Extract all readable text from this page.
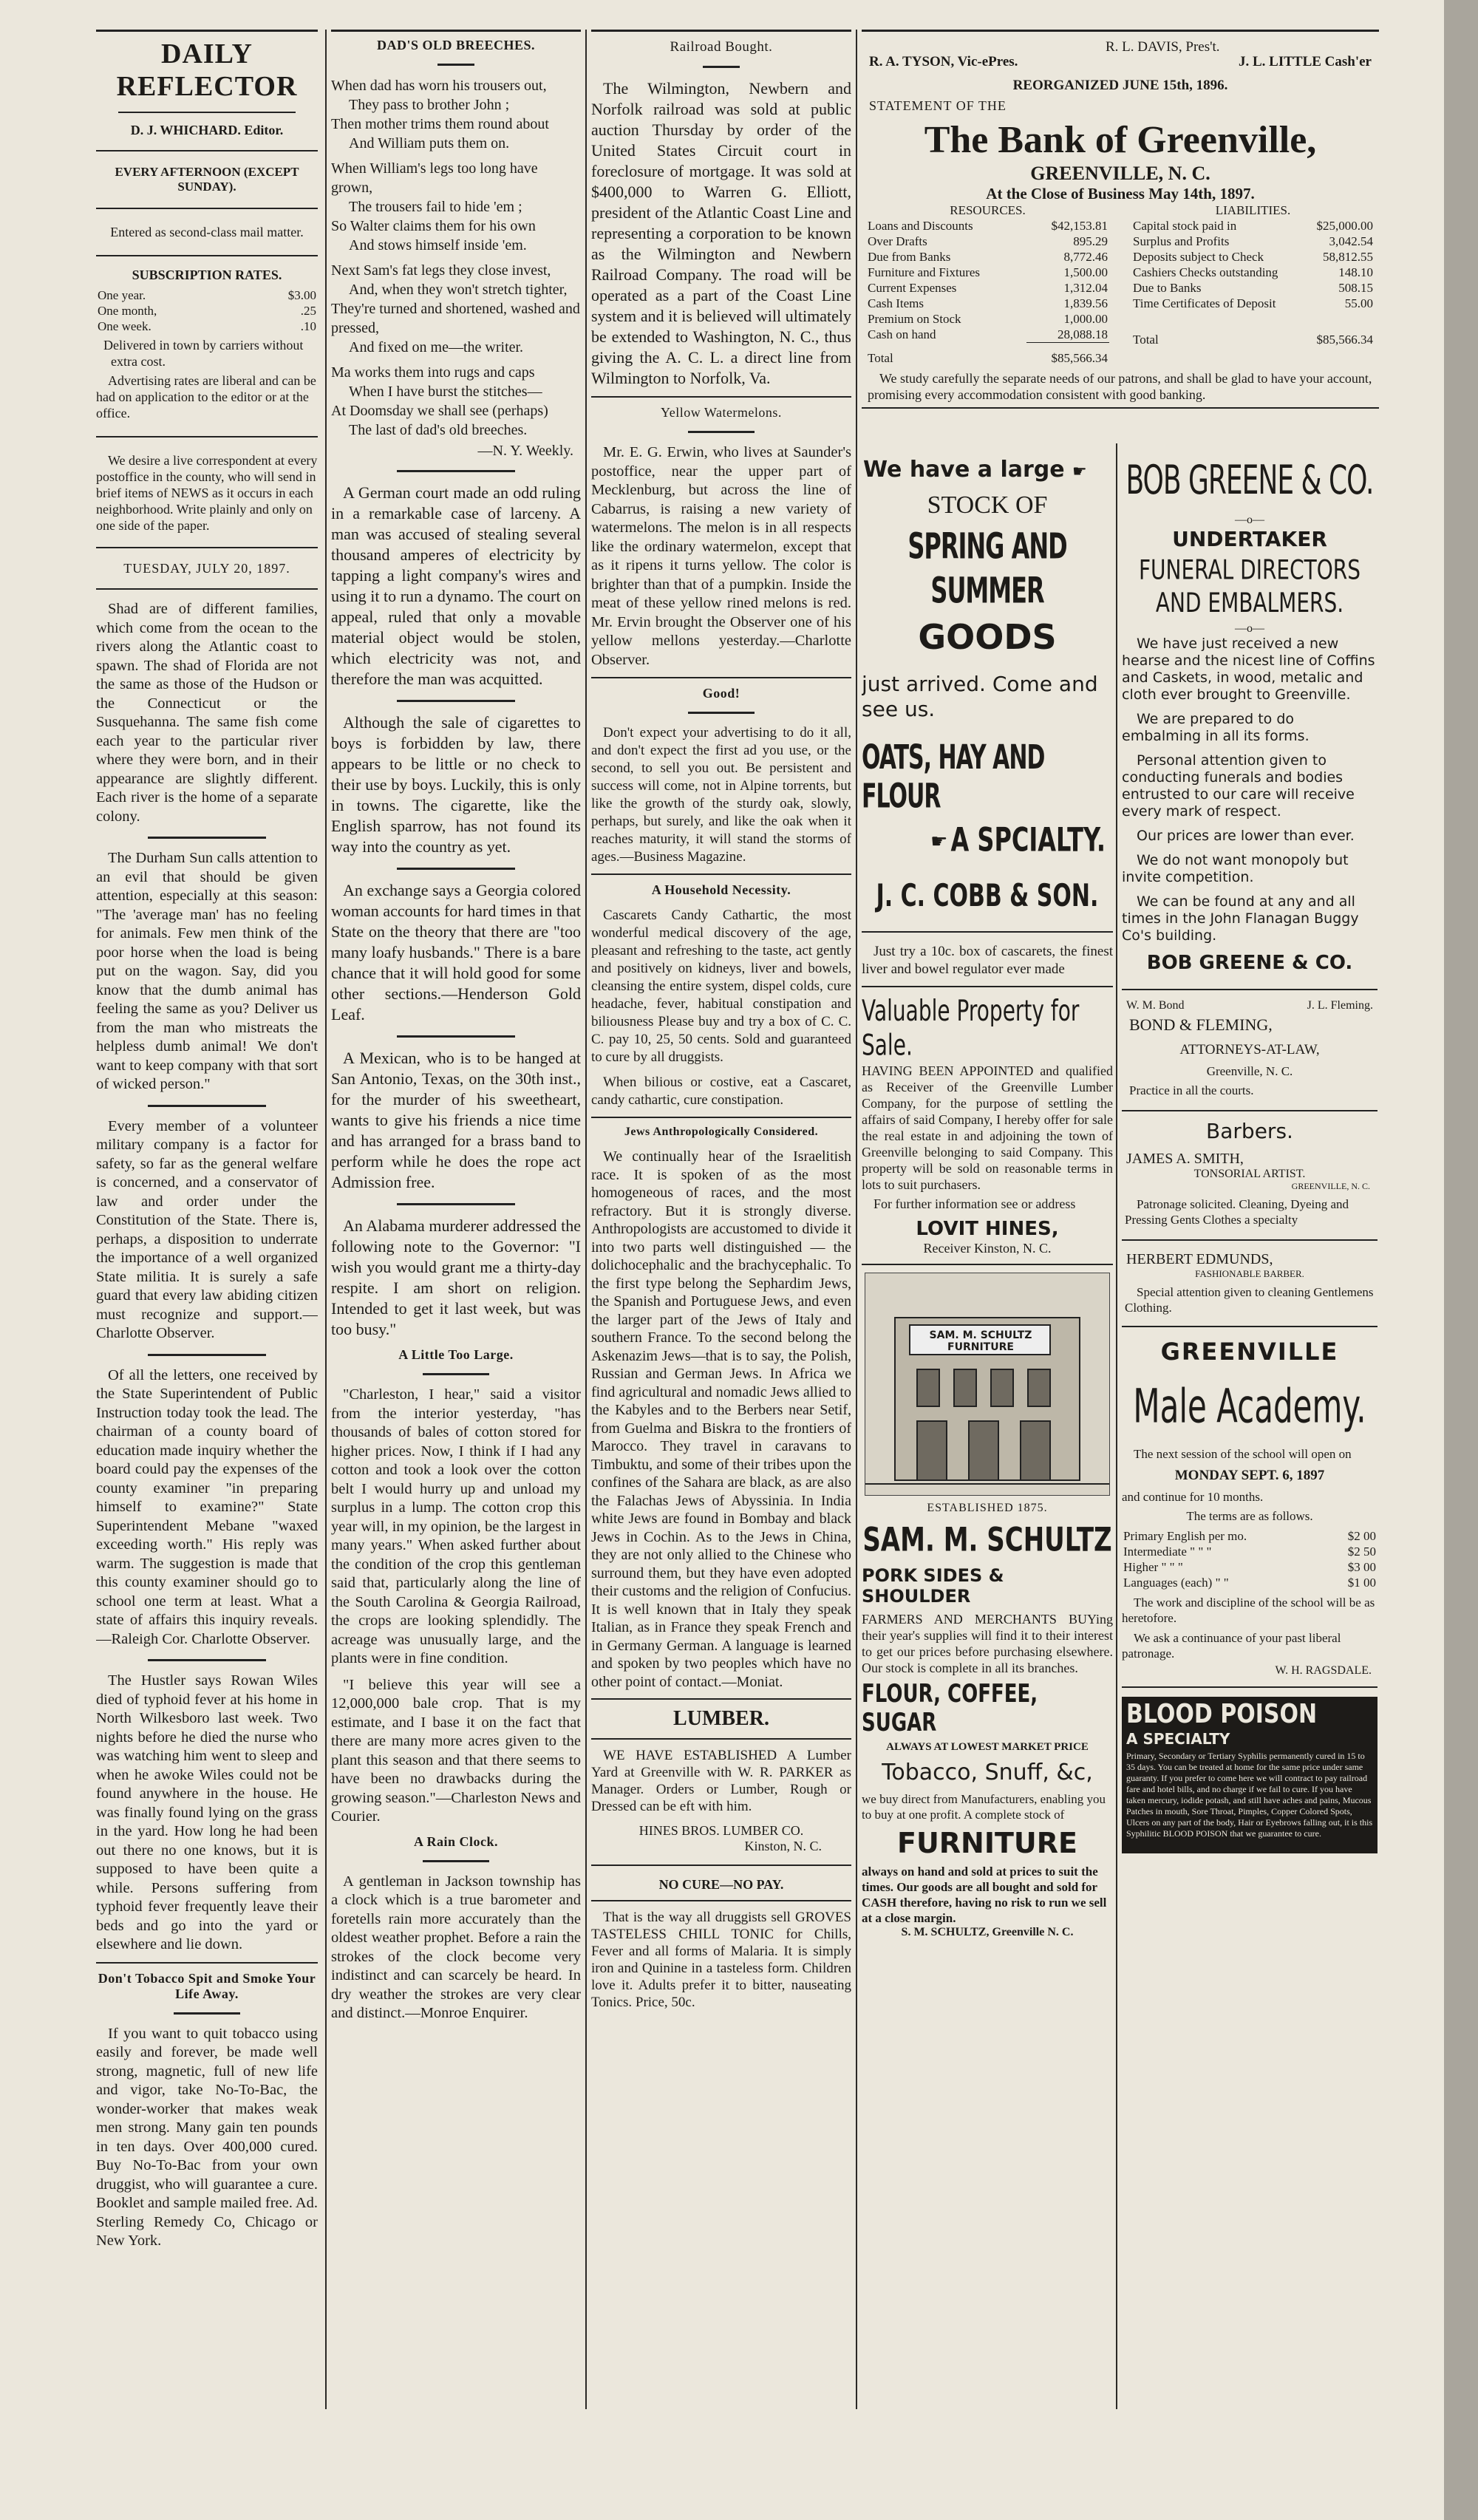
DAILY REFLECTOR
D. J. WHICHARD. Editor.
EVERY AFTERNOON (EXCEPT SUNDAY).
Entered as second-class mail matter.
SUBSCRIPTION RATES.
One year.	$3.00
One month,	.25
One week.	.10
Delivered in town by carriers without extra cost.
Advertising rates are liberal and can be had on application to the editor or at the office.
We desire a live correspondent at every postoffice in the county, who will send in brief items of NEWS as it occurs in each neighborhood. Write plainly and only on one side of the paper.
TUESDAY, JULY 20, 1897.

Shad are of different families, which come from the ocean to the rivers along the Atlantic coast to spawn. The shad of Florida are not the same as those of the Hudson or the Connecticut or the Susquehanna. The same fish come each year to the particular river where they were born, and in their appearance are slightly different. Each river is the home of a separate colony.

The Durham Sun calls attention to an evil that should be given attention, especially at this season: "The 'average man' has no feeling for animals. Few men think of the poor horse when the load is being put on the wagon. Say, did you know that the dumb animal has feeling the same as you? Deliver us from the man who mistreats the helpless dumb animal! We don't want to keep company with that sort of wicked person."

Every member of a volunteer military company is a factor for safety, so far as the general welfare is concerned, and a conservator of law and order under the Constitution of the State. There is, perhaps, a disposition to underrate the importance of a well organized State militia. It is surely a safe guard that every law abiding citizen must recognize and support.—Charlotte Observer.

Of all the letters, one received by the State Superintendent of Public Instruction today took the lead. The chairman of a county board of education made inquiry whether the board could pay the expenses of the county examiner "in preparing himself to examine?" State Superintendent Mebane "waxed exceeding worth." His reply was warm. The suggestion is made that this county examiner should go to school one term at least. What a state of affairs this inquiry reveals.—Raleigh Cor. Charlotte Observer.

The Hustler says Rowan Wiles died of typhoid fever at his home in North Wilkesboro last week. Two nights before he died the nurse who was watching him went to sleep and when he awoke Wiles could not be found anywhere in the house. He was finally found lying on the grass in the yard. How long he had been out there no one knows, but it is supposed to have been quite a while. Persons suffering from typhoid fever frequently leave their beds and go into the yard or elsewhere and lie down.

Don't Tobacco Spit and Smoke Your Life Away.

If you want to quit tobacco using easily and forever, be made well strong, magnetic, full of new life and vigor, take No-To-Bac, the wonder-worker that makes weak men strong. Many gain ten pounds in ten days. Over 400,000 cured. Buy No-To-Bac from your own druggist, who will guarantee a cure. Booklet and sample mailed free. Ad. Sterling Remedy Co, Chicago or New York.

DAD'S OLD BREECHES.
When dad has worn his trousers out,
They pass to brother John ;
Then mother trims them round about
And William puts them on.
When William's legs too long have grown,
The trousers fail to hide 'em ;
So Walter claims them for his own
And stows himself inside 'em.
Next Sam's fat legs they close invest,
And, when they won't stretch tighter,
They're turned and shortened, washed and pressed,
And fixed on me—the writer.
Ma works them into rugs and caps
When I have burst the stitches—
At Doomsday we shall see (perhaps)
The last of dad's old breeches.
—N. Y. Weekly.

A German court made an odd ruling in a remarkable case of larceny. A man was accused of stealing several thousand amperes of electricity by tapping a light company's wires and using it to run a dynamo. The court on appeal, ruled that only a movable material object would be stolen, which electricity was not, and therefore the man was acquitted.

Although the sale of cigarettes to boys is forbidden by law, there appears to be little or no check to their use by boys. Luckily, this is only in towns. The cigarette, like the English sparrow, has not found its way into the country as yet.

An exchange says a Georgia colored woman accounts for hard times in that State on the theory that there are "too many loafy husbands." There is a bare chance that it will hold good for some other sections.—Henderson Gold Leaf.

A Mexican, who is to be hanged at San Antonio, Texas, on the 30th inst., for the murder of his sweetheart, wants to give his friends a nice time and has arranged for a brass band to perform while he does the rope act Admission free.

An Alabama murderer addressed the following note to the Governor: "I wish you would grant me a thirty-day respite. I am short on religion. Intended to get it last week, but was too busy."

A Little Too Large.

"Charleston, I hear," said a visitor from the interior yesterday, "has thousands of bales of cotton stored for higher prices. Now, I think if I had any cotton and took a look over the cotton belt I would hurry up and unload my surplus in a lump. The cotton crop this year will, in my opinion, be the largest in many years." When asked further about the condition of the crop this gentleman said that, particularly along the line of the South Carolina & Georgia Railroad, the crops are looking splendidly. The acreage was unusually large, and the plants were in fine condition.

"I believe this year will see a 12,000,000 bale crop. That is my estimate, and I base it on the fact that there are many more acres given to the plant this season and that there seems to have been no drawbacks during the growing season."—Charleston News and Courier.

A Rain Clock.

A gentleman in Jackson township has a clock which is a true barometer and foretells rain more accurately than the oldest weather prophet. Before a rain the strokes of the clock become very indistinct and can scarcely be heard. In dry weather the strokes are very clear and distinct.—Monroe Enquirer.

Railroad Bought.

The Wilmington, Newbern and Norfolk railroad was sold at public auction Thursday by order of the United States Circuit court in foreclosure of mortgage. It was sold at $400,000 to Warren G. Elliott, president of the Atlantic Coast Line and representing a corporation to be known as the Wilmington and Newbern Railroad Company. The road will be operated as a part of the Coast Line system and it is believed will ultimately be extended to Washington, N. C., thus giving the A. C. L. a direct line from Wilmington to Norfolk, Va.

Yellow Watermelons.

Mr. E. G. Erwin, who lives at Saunder's postoffice, near the upper part of Mecklenburg, but across the line of Cabarrus, is raising a new variety of watermelons. The melon is in all respects like the ordinary watermelon, except that as it ripens it turns yellow. The color is brighter than that of a pumpkin. Inside the meat of these yellow rined melons is red. Mr. Ervin brought the Observer one of his yellow mellons yesterday.—Charlotte Observer.

Good!

Don't expect your advertising to do it all, and don't expect the first ad you use, or the second, to sell you out. Be persistent and success will come, not in Alpine torrents, but like the growth of the sturdy oak, slowly, perhaps, but surely, and like the oak when it reaches maturity, it will stand the storms of ages.—Business Magazine.

A Household Necessity.

Cascarets Candy Cathartic, the most wonderful medical discovery of the age, pleasant and refreshing to the taste, act gently and positively on kidneys, liver and bowels, cleansing the entire system, dispel colds, cure headache, fever, habitual constipation and biliousness Please buy and try a box of C. C. C. pay 10, 25, 50 cents. Sold and guaranteed to cure by all druggists.

When bilious or costive, eat a Cascaret, candy cathartic, cure constipation.

Jews Anthropologically Considered.

We continually hear of the Israelitish race. It is spoken of as the most homogeneous of races, and the most refractory. But it is strongly diverse. Anthropologists are accustomed to divide it into two parts well distinguished — the dolichocephalic and the brachycephalic. To the first type belong the Sephardim Jews, the Spanish and Portuguese Jews, and even the larger part of the Jews of Italy and southern France. To the second belong the Askenazim Jews—that is to say, the Polish, Russian and German Jews. In Africa we find agricultural and nomadic Jews allied to the Kabyles and to the Berbers near Setif, from Guelma and Biskra to the frontiers of Marocco. They travel in caravans to Timbuktu, and some of their tribes upon the confines of the Sahara are black, as are also the Falachas Jews of Abyssinia. In India white Jews are found in Bombay and black Jews in Cochin. As to the Jews in China, they are not only allied to the Chinese who surround them, but they have even adopted their customs and the religion of Confucius. It is well known that in Italy they speak Italian, as in France they speak French and in Germany German. A language is learned and spoken by two peoples which have no other point of contact.—Moniat.

LUMBER.

WE HAVE ESTABLISHED A Lumber Yard at Greenville with W. R. PARKER as Manager. Orders or Lumber, Rough or Dressed can be eft with him.

HINES BROS. LUMBER CO.
Kinston, N. C.
NO CURE—NO PAY.

That is the way all druggists sell GROVES TASTELESS CHILL TONIC for Chills, Fever and all forms of Malaria. It is simply iron and Quinine in a tasteless form. Children love it. Adults prefer it to bitter, nauseating Tonics. Price, 50c.

R. L. DAVIS, Pres't.
R. A. TYSON, Vic-ePres.	J. L. LITTLE Cash'er
REORGANIZED JUNE 15th, 1896.
STATEMENT OF THE
The Bank of Greenville,
GREENVILLE, N. C.
At the Close of Business May 14th, 1897.
RESOURCES.
Loans and Discounts	$42,153.81
Over Drafts	895.29
Due from Banks	8,772.46
Furniture and Fixtures	1,500.00
Current Expenses	1,312.04
Cash Items	1,839.56
Premium on Stock	1,000.00
Cash on hand	28,088.18
Total	$85,566.34
LIABILITIES.
Capital stock paid in	$25,000.00
Surplus and Profits	3,042.54
Deposits subject to Check	58,812.55
Cashiers Checks outstanding	148.10
Due to Banks	508.15
Time Certificates of Deposit	55.00
Total	$85,566.34
We study carefully the separate needs of our patrons, and shall be glad to have your account, promising every accommodation consistent with good banking.
We have a large ☛
STOCK OF
SPRING AND SUMMER
GOODS
just arrived. Come and see us.
OATS, HAY AND FLOUR
☛ A SPCIALTY.
J. C. COBB & SON.

Just try a 10c. box of cascarets, the finest liver and bowel regulator ever made

Valuable Property for Sale.
HAVING BEEN APPOINTED and qualified as Receiver of the Greenville Lumber Company, for the purpose of settling the affairs of said Company, I hereby offer for sale the real estate in and adjoining the town of Greenville belonging to said Company. This property will be sold on reasonable terms in lots to suit purchasers.
For further information see or address
LOVIT HINES,
Receiver Kinston, N. C.
SAM. M. SCHULTZ FURNITURE
ESTABLISHED 1875.
SAM. M. SCHULTZ
PORK SIDES & SHOULDER
FARMERS AND MERCHANTS BUYing their year's supplies will find it to their interest to get our prices before purchasing elsewhere. Our stock is complete in all its branches.
FLOUR, COFFEE, SUGAR
ALWAYS AT LOWEST MARKET PRICE
Tobacco, Snuff, &c,
we buy direct from Manufacturers, enabling you to buy at one profit. A complete stock of
FURNITURE
always on hand and sold at prices to suit the times. Our goods are all bought and sold for CASH therefore, having no risk to run we sell at a close margin.
S. M. SCHULTZ, Greenville N. C.
BOB GREENE & CO.
—o—
UNDERTAKER
FUNERAL DIRECTORS AND EMBALMERS.
—o—
We have just received a new hearse and the nicest line of Coffins and Caskets, in wood, metalic and cloth ever brought to Greenville.
We are prepared to do embalming in all its forms.
Personal attention given to conducting funerals and bodies entrusted to our care will receive every mark of respect.
Our prices are lower than ever.
We do not want monopoly but invite competition.
We can be found at any and all times in the John Flanagan Buggy Co's building.
BOB GREENE & CO.
W. M. Bond	J. L. Fleming.
BOND & FLEMING,
ATTORNEYS-AT-LAW,
Greenville, N. C.
Practice in all the courts.
Barbers.
JAMES A. SMITH,
TONSORIAL ARTIST.
GREENVILLE, N. C.
Patronage solicited. Cleaning, Dyeing and Pressing Gents Clothes a specialty
HERBERT EDMUNDS,
FASHIONABLE BARBER.
Special attention given to cleaning Gentlemens Clothing.
GREENVILLE
Male Academy.
The next session of the school will open on
MONDAY SEPT. 6, 1897
and continue for 10 months.
The terms are as follows.
Primary English per mo.	$2 00
Intermediate " " "	$2 50
Higher " " "	$3 00
Languages (each) " "	$1 00
The work and discipline of the school will be as heretofore.
We ask a continuance of your past liberal patronage.
W. H. RAGSDALE.
BLOOD POISON
A SPECIALTY
Primary, Secondary or Tertiary Syphilis permanently cured in 15 to 35 days. You can be treated at home for the same price under same guaranty. If you prefer to come here we will contract to pay railroad fare and hotel bills, and no charge if we fail to cure. If you have taken mercury, iodide potash, and still have aches and pains, Mucous Patches in mouth, Sore Throat, Pimples, Copper Colored Spots, Ulcers on any part of the body, Hair or Eyebrows falling out, it is this Syphilitic BLOOD POISON that we guarantee to cure.
